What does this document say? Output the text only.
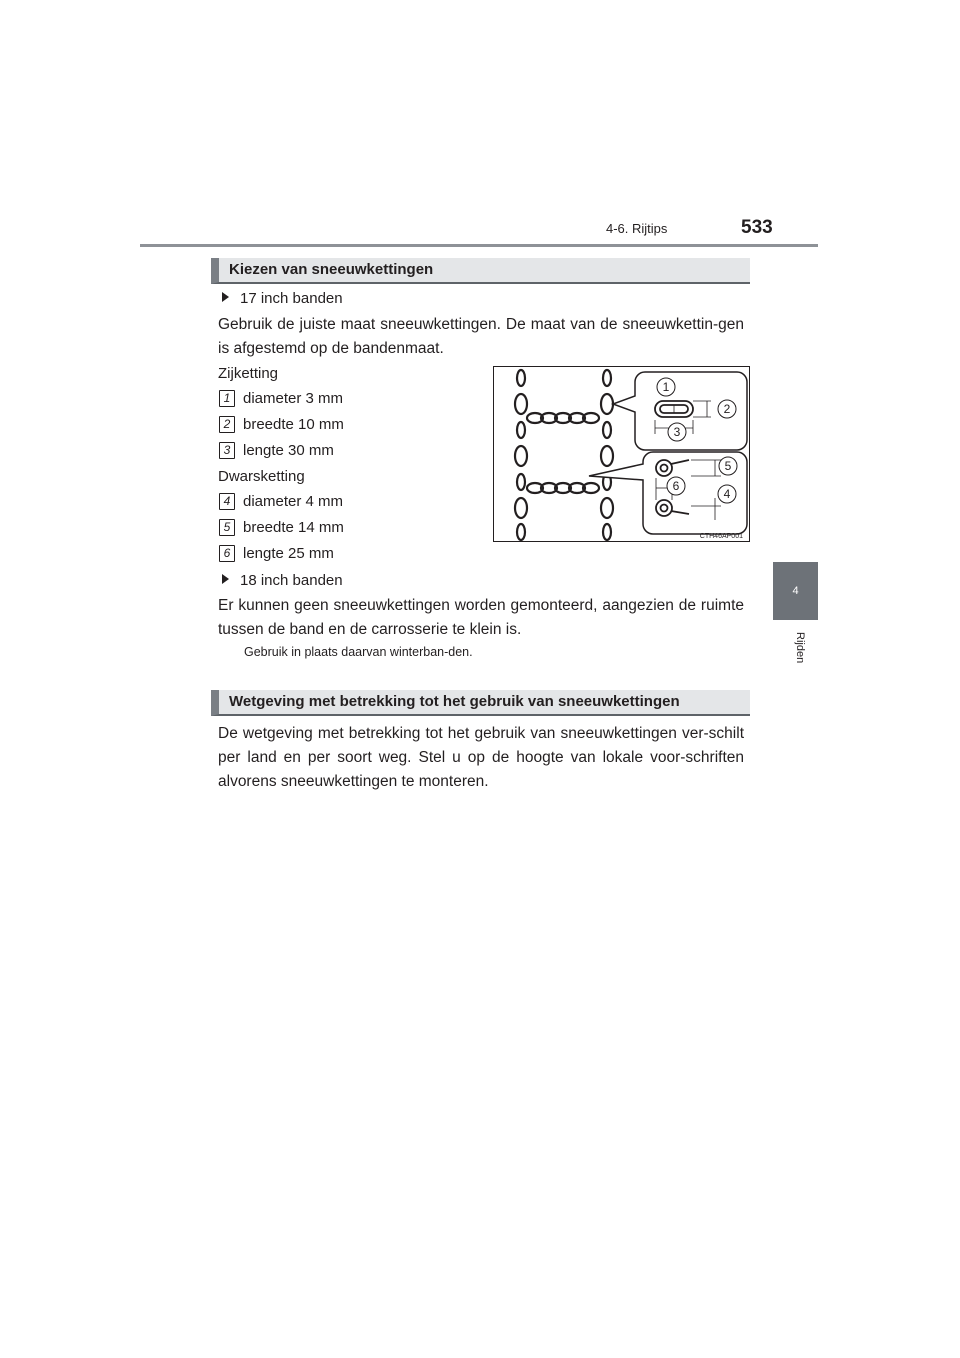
4-6. Rijtips	533
4
Rijden
Kiezen van sneeuwkettingen
17 inch banden
Gebruik de juiste maat sneeuwkettingen. De maat van de sneeuwkettin-gen is afgestemd op de bandenmaat.
Zijketting
1 diameter 3 mm
2 breedte 10 mm
3 lengte 30 mm
Dwarsketting
4 diameter 4 mm
5 breedte 14 mm
6 lengte 25 mm
1
2
3
5
6
4
CTH46AP001
18 inch banden
Er kunnen geen sneeuwkettingen worden gemonteerd, aangezien de ruimte tussen de band en de carrosserie te klein is.
Gebruik in plaats daarvan winterban-den.
Wetgeving met betrekking tot het gebruik van sneeuwkettingen
De wetgeving met betrekking tot het gebruik van sneeuwkettingen ver-schilt per land en per soort weg. Stel u op de hoogte van lokale voor-schriften alvorens sneeuwkettingen te monteren.
